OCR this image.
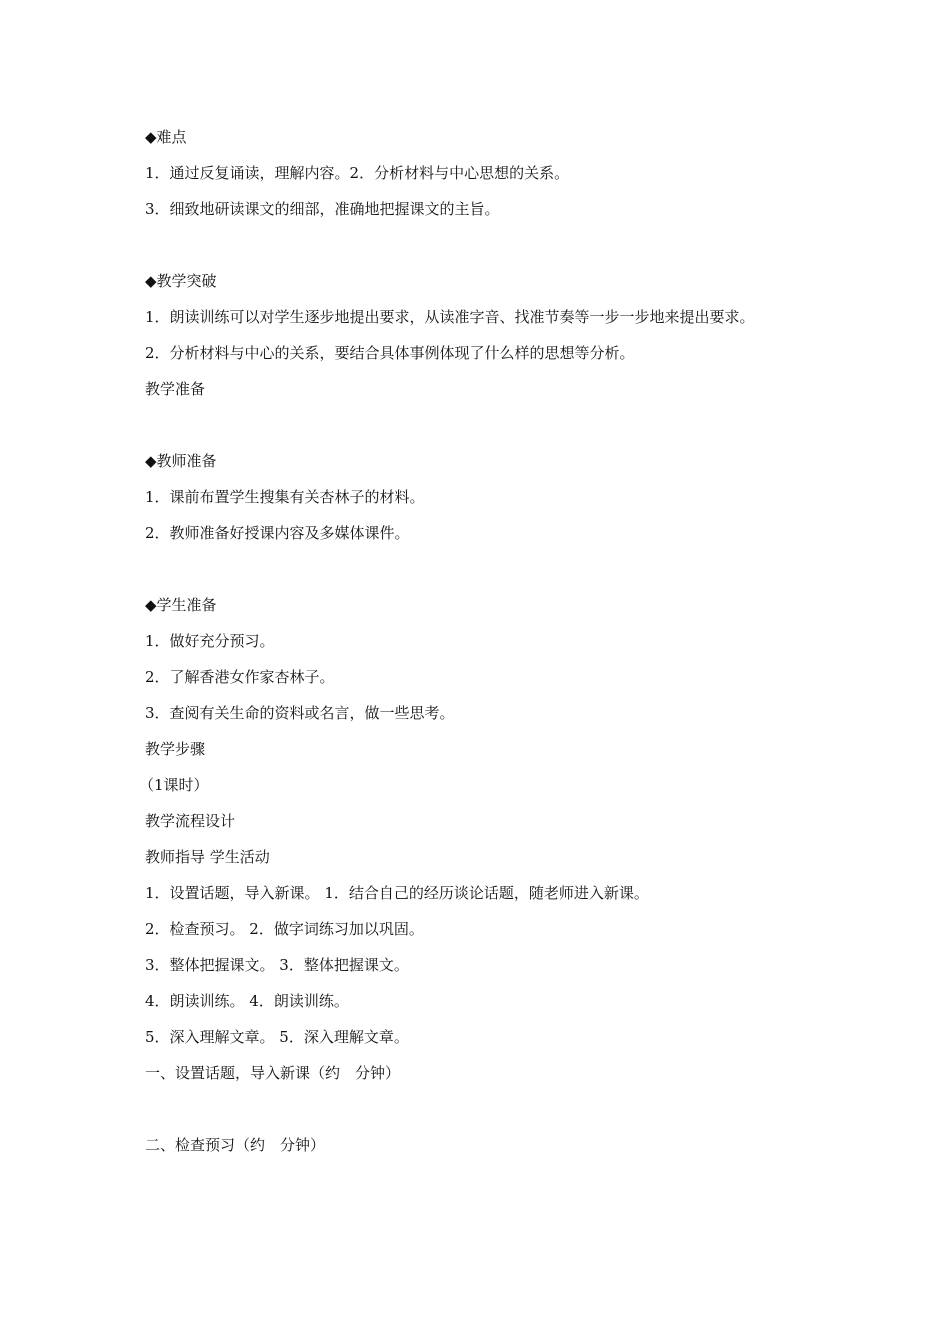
◆难点
1．通过反复诵读，理解内容。2．分析材料与中心思想的关系。
3．细致地研读课文的细部，准确地把握课文的主旨。
◆教学突破
1．朗读训练可以对学生逐步地提出要求，从读准字音、找准节奏等一步一步地来提出要求。
2．分析材料与中心的关系，要结合具体事例体现了什么样的思想等分析。
教学准备
◆教师准备
1．课前布置学生搜集有关杏林子的材料。
2．教师准备好授课内容及多媒体课件。
◆学生准备
1．做好充分预习。
2．了解香港女作家杏林子。
3．查阅有关生命的资料或名言，做一些思考。
教学步骤
（1课时）
教学流程设计
教师指导 学生活动
1．设置话题，导入新课。 1．结合自己的经历谈论话题，随老师进入新课。
2．检查预习。 2．做字词练习加以巩固。
3．整体把握课文。 3．整体把握课文。
4．朗读训练。 4．朗读训练。
5．深入理解文章。 5．深入理解文章。
一、设置话题，导入新课（约　分钟）
二、检查预习（约　分钟）
